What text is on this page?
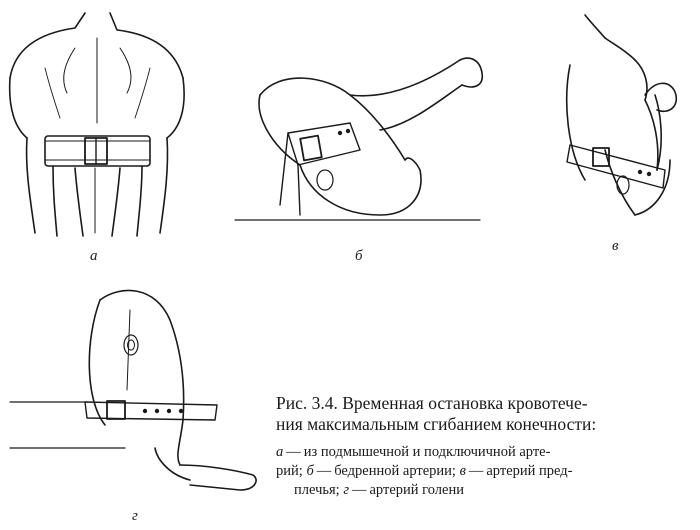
а	б
в
г

Рис. 3.4. Временная остановка кровотече-
ния максимальным сгибанием конечности:

а — из подмышечной и подключичной арте-
рий; б — бедренной артерии; в — артерий пред-
плечья; г — артерий голени
